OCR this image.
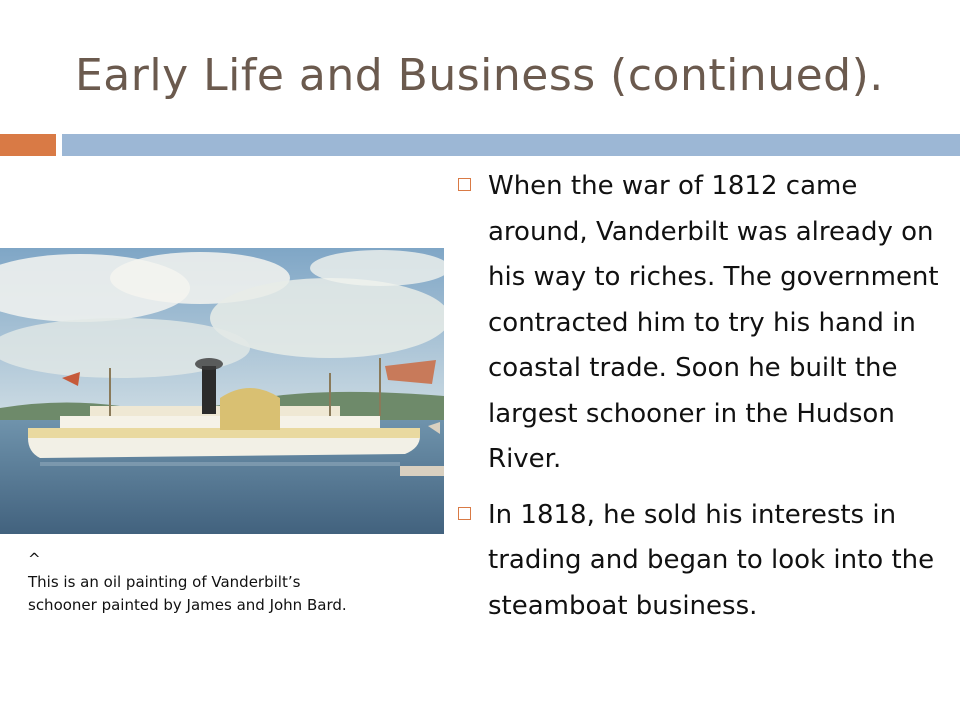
Early Life and Business (continued).
^
This is an oil painting of Vanderbilt’s
schooner painted by James and John Bard.
When the war of 1812 came around, Vanderbilt was already on his way to riches. The government contracted him to try his hand in coastal trade. Soon he built the largest schooner in the Hudson River.
In 1818, he sold his interests in trading and began to look into the steamboat business.
